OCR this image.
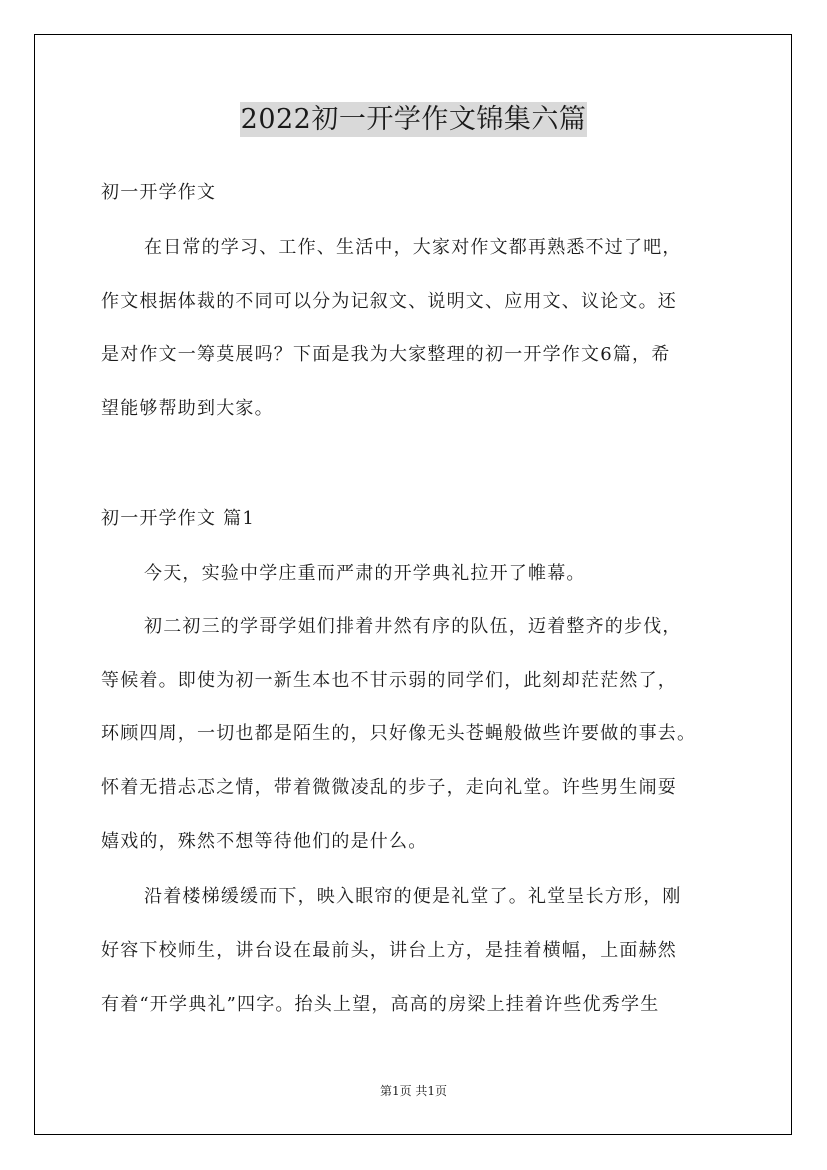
2022初一开学作文锦集六篇
初一开学作文
在日常的学习、工作、生活中，大家对作文都再熟悉不过了吧，
作文根据体裁的不同可以分为记叙文、说明文、应用文、议论文。还
是对作文一筹莫展吗？下面是我为大家整理的初一开学作文6篇，希
望能够帮助到大家。
初一开学作文 篇1
今天，实验中学庄重而严肃的开学典礼拉开了帷幕。
初二初三的学哥学姐们排着井然有序的队伍，迈着整齐的步伐，
等候着。即使为初一新生本也不甘示弱的同学们，此刻却茫茫然了，
环顾四周，一切也都是陌生的，只好像无头苍蝇般做些许要做的事去。
怀着无措忐忑之情，带着微微凌乱的步子，走向礼堂。许些男生闹耍
嬉戏的，殊然不想等待他们的是什么。
沿着楼梯缓缓而下，映入眼帘的便是礼堂了。礼堂呈长方形，刚
好容下校师生，讲台设在最前头，讲台上方，是挂着横幅，上面赫然
有着“开学典礼”四字。抬头上望，高高的房梁上挂着许些优秀学生
第1页 共1页
